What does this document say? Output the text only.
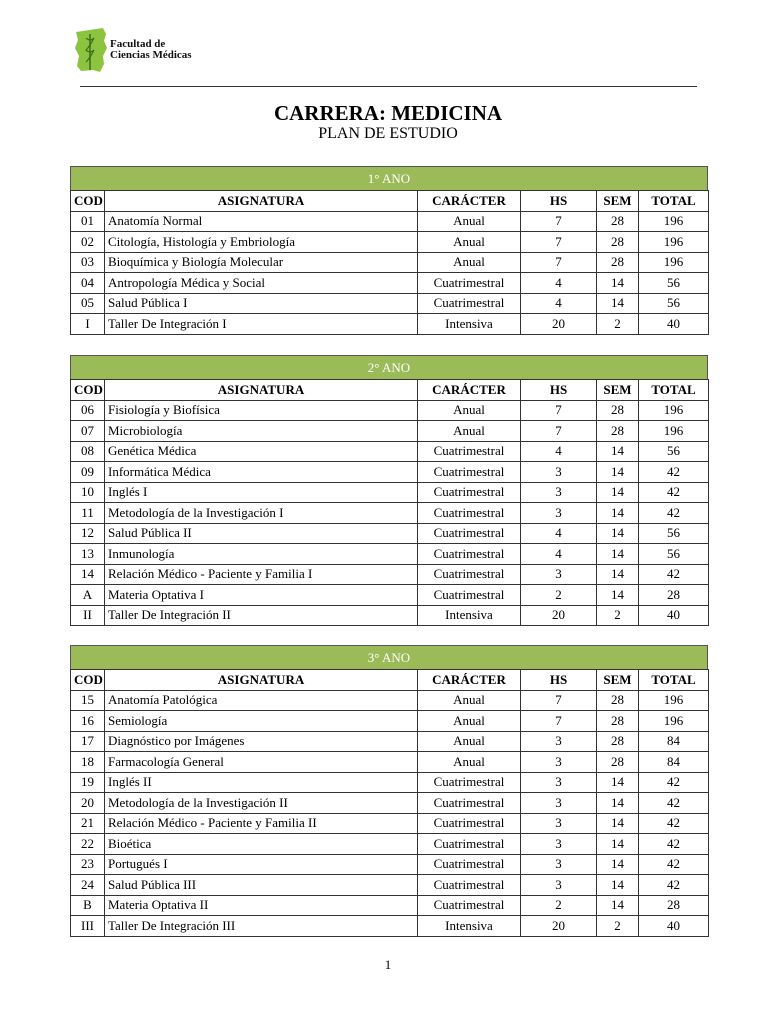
Facultad de
Ciencias Médicas
CARRERA: MEDICINA
PLAN DE ESTUDIO
1° ANO
COD	ASIGNATURA	CARÁCTER	HS	SEM	TOTAL
01	Anatomía Normal	Anual	7	28	196
02	Citología, Histología y Embriología	Anual	7	28	196
03	Bioquímica y Biología Molecular	Anual	7	28	196
04	Antropología Médica y Social	Cuatrimestral	4	14	56
05	Salud Pública I	Cuatrimestral	4	14	56
I	Taller De Integración I	Intensiva	20	2	40
2° ANO
COD	ASIGNATURA	CARÁCTER	HS	SEM	TOTAL
06	Fisiología y Biofísica	Anual	7	28	196
07	Microbiología	Anual	7	28	196
08	Genética Médica	Cuatrimestral	4	14	56
09	Informática Médica	Cuatrimestral	3	14	42
10	Inglés I	Cuatrimestral	3	14	42
11	Metodología de la Investigación I	Cuatrimestral	3	14	42
12	Salud Pública II	Cuatrimestral	4	14	56
13	Inmunología	Cuatrimestral	4	14	56
14	Relación Médico - Paciente y Familia I	Cuatrimestral	3	14	42
A	Materia Optativa I	Cuatrimestral	2	14	28
II	Taller De Integración II	Intensiva	20	2	40
3° ANO
COD	ASIGNATURA	CARÁCTER	HS	SEM	TOTAL
15	Anatomía Patológica	Anual	7	28	196
16	Semiología	Anual	7	28	196
17	Diagnóstico por Imágenes	Anual	3	28	84
18	Farmacología General	Anual	3	28	84
19	Inglés II	Cuatrimestral	3	14	42
20	Metodología de la Investigación II	Cuatrimestral	3	14	42
21	Relación Médico - Paciente y Familia II	Cuatrimestral	3	14	42
22	Bioética	Cuatrimestral	3	14	42
23	Portugués I	Cuatrimestral	3	14	42
24	Salud Pública III	Cuatrimestral	3	14	42
B	Materia Optativa II	Cuatrimestral	2	14	28
III	Taller De Integración III	Intensiva	20	2	40
1
